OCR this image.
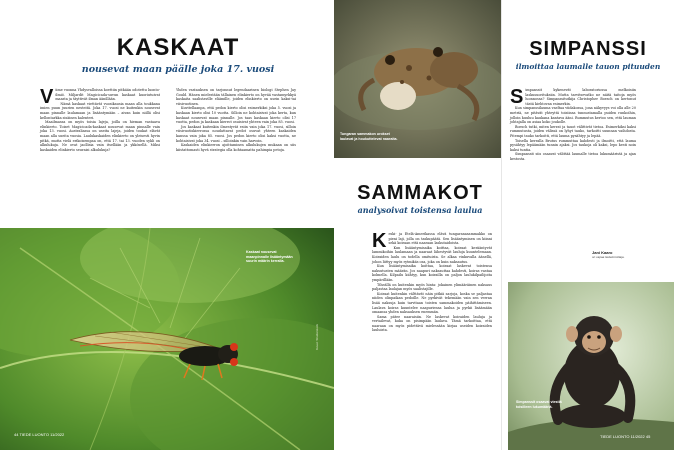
KASKAAT
nousevat maan päälle joka 17. vuosi
V iime vuonna Yhdysvalloissa koettiin pitkään odotettu luontoilmiö. Miljardit Magicicada-suvun kaskaat kuoriutuivat maasta ja täyttivät ilman äänillään.

Nämä kaskaat viettävät vuosikausia maan alla toukkana imien puun juurien nesteitä. Joka 17. vuosi ne kuitenkin nousevat maan pinnalle laulamaan ja lisääntymään – aivan kuin niillä olisi kellontarkka sisäinen kalenteri.

Maailmassa on myös toisia lajeja, joilla on hieman vastaava elinkierto. Toiset Magicicada-kaskaat nousevat maan pinnalle vain joka 13. vuosi. Australiassa on useita lajeja, joiden toukat elävät maan alla useita vuosia. Laulukaskaiden elinkierto on yleisesti hyvin pitkä, mutta vielä erikoisempaa on, että 17. tai 13. vuoden sykli on alkulukuja. Ne ovat jaollisia vain itsellään ja ykkösellä. Miksi kaskaiden elinkierto seuraisi alkulukuja?

Yhden vastauksen on tarjonnut legendaarinen biologi Stephen Jay Gould. Hänen mielestään tällainen elinkierto on hyvää vastamyrkkyä kaskaita saalistaville eläimille, joiden elinkierto on usein kaksi-tai viisivuotinen.

Kuvitellaanpa, että pedon kierto olisi esimerkiksi joka 5. vuosi ja kaskaan kierto olisi 10 vuotta. Silloin ne kohtaisivat joka kerta, kun kaskaat nousevat maan pinnalle. Jos taas kaskaan kierto olisi 17 vuotta, pedon ja kaskaan kierrot osuisivat yhteen vain joka 85. vuosi.

Jos kaskaat kuitenkin ilmestyvät esiin vain joka 17. vuosi, silloin viisivuotiskierrossa noudattavat pedot osuvat yhteen kaskaiden kanssa vain joka 85. vuosi. Jos pedon kierto olisi kaksi vuotta, ne kohtaisivat joka 34. vuosi – silloinkin vain harvoin.

Kaskaiden elinkierron ajoittaminen alkulukujen mukaan on siis kiistattomasti hyvä strategia olla kohtaamatta pahimpia petoja.

Kaskaat nousevat maanpinnalle lisääntymään suurin määrin kerralla.
Kuvat: Shutterstock
44 TIEDE LUONTO 11/2022
Tungaran sammakon urokset laulavat ja houkuttelevat naaraita.
SAMMAKOT
analysoivat toistensa laulua
K eski- ja Etelä-Amerikassa elävä tungaranasammakko on pieni laji, jolla on taskupäätä. Sen lisääntyminen on kiinni sekä koiraan että naaraan laskutaidoista.

Kun lisääntymisaika koittaa, koiraat kerääntyvät lammikoihin laulamaan ja naaraat lähestyvät lauluja kuuntelemaan. Koiraiden laulu on todella omituista. Se alkaa vinkuvalla äänellä, johon liittyy myös rytmikäs osa, joka on kuin naksautus.

Kun lisääntymisaika koittaa, koiraat laskevat toistensa naksutusten määrän. Jos naapuri naksauttaa kahdesti, koiras vastaa kolmella. Kilpailu kiihtyy, kun koirailla on paljon laulukilpailijoita ympärillään.

Tiheällä on kuitenkin myös hinta: jokainen ylimääräinen naksaus paljastaa laulajan myös saalistajille.

Koiraat kuitenkin välttävät näin pitkiä sarjoja, koska se paljastaa niiden olinpaikan pedoille. Ne pyrkivät tekemään vain sen verran lisää naksuja kuin tarvitaan toisten sammakoiden päihittämiseen. Laulava koiras kuuntelee naapuriensa laulua ja pyrkii lisäämään omaansa yhden naksauksen enemmän.

Sama pätee naaraisiin. Ne laskevat koiraiden lauluja ja vertailevat, kuka on pisimpään laulava. Tämä tarkoittaa, että naaraan on myös pidettävä mielessään kirjaa useiden koiraiden lauluista.

SIMPANSSI
ilmoittaa laumalle tauon pituuden
S impanssit kykenevät laboratoriossa melkoisiin laskusuorituksiin. Mutta tarvitsevatko ne näitä taitoja myös luonnossa? Simpanssitutkija Christopher Boesch on kertonut tästä kiehtovan esimerkin.

Kun simpanssilauma vaeltaa viidakossa, jona näkyvyys voi olla alle 20 metriä, ne pitävät yhteyttä toisiinsa tunnustamalla puiden runkoihin, jolloin kuuluu kaukana kantava ääni. Rummutus kertoo sen, että lauman johtajalla on asiaa koko joukolle.

Boesch tutki, miten kerrat ja tauot välittivät tietoa. Esimerkiksi kaksi rummutusta, joiden välissä on lyhyt tauko, tarkoitti suunnan vaihdosta. Pitempi tauko tarkoitti, että lauma pysähtyy ja lepää.

Toisella kerralla Brutus rummuttaa kahdesti ja ilmoitti, että lauma pysähtyy lepäämään tunnin ajaksi. Jos taukoja oli kaksi, lepo kesti noin kaksi tuntia.

Simpanssit siis osaavat välittää laumalle tietoa lukumääristä ja ajan kestosta.

Jani Kaaro
on vapaa tiedetoimittaja.
Simpanssit osaavat viestiä toisilleen lukumääriä.
TIEDE LUONTO 11/2022 45
